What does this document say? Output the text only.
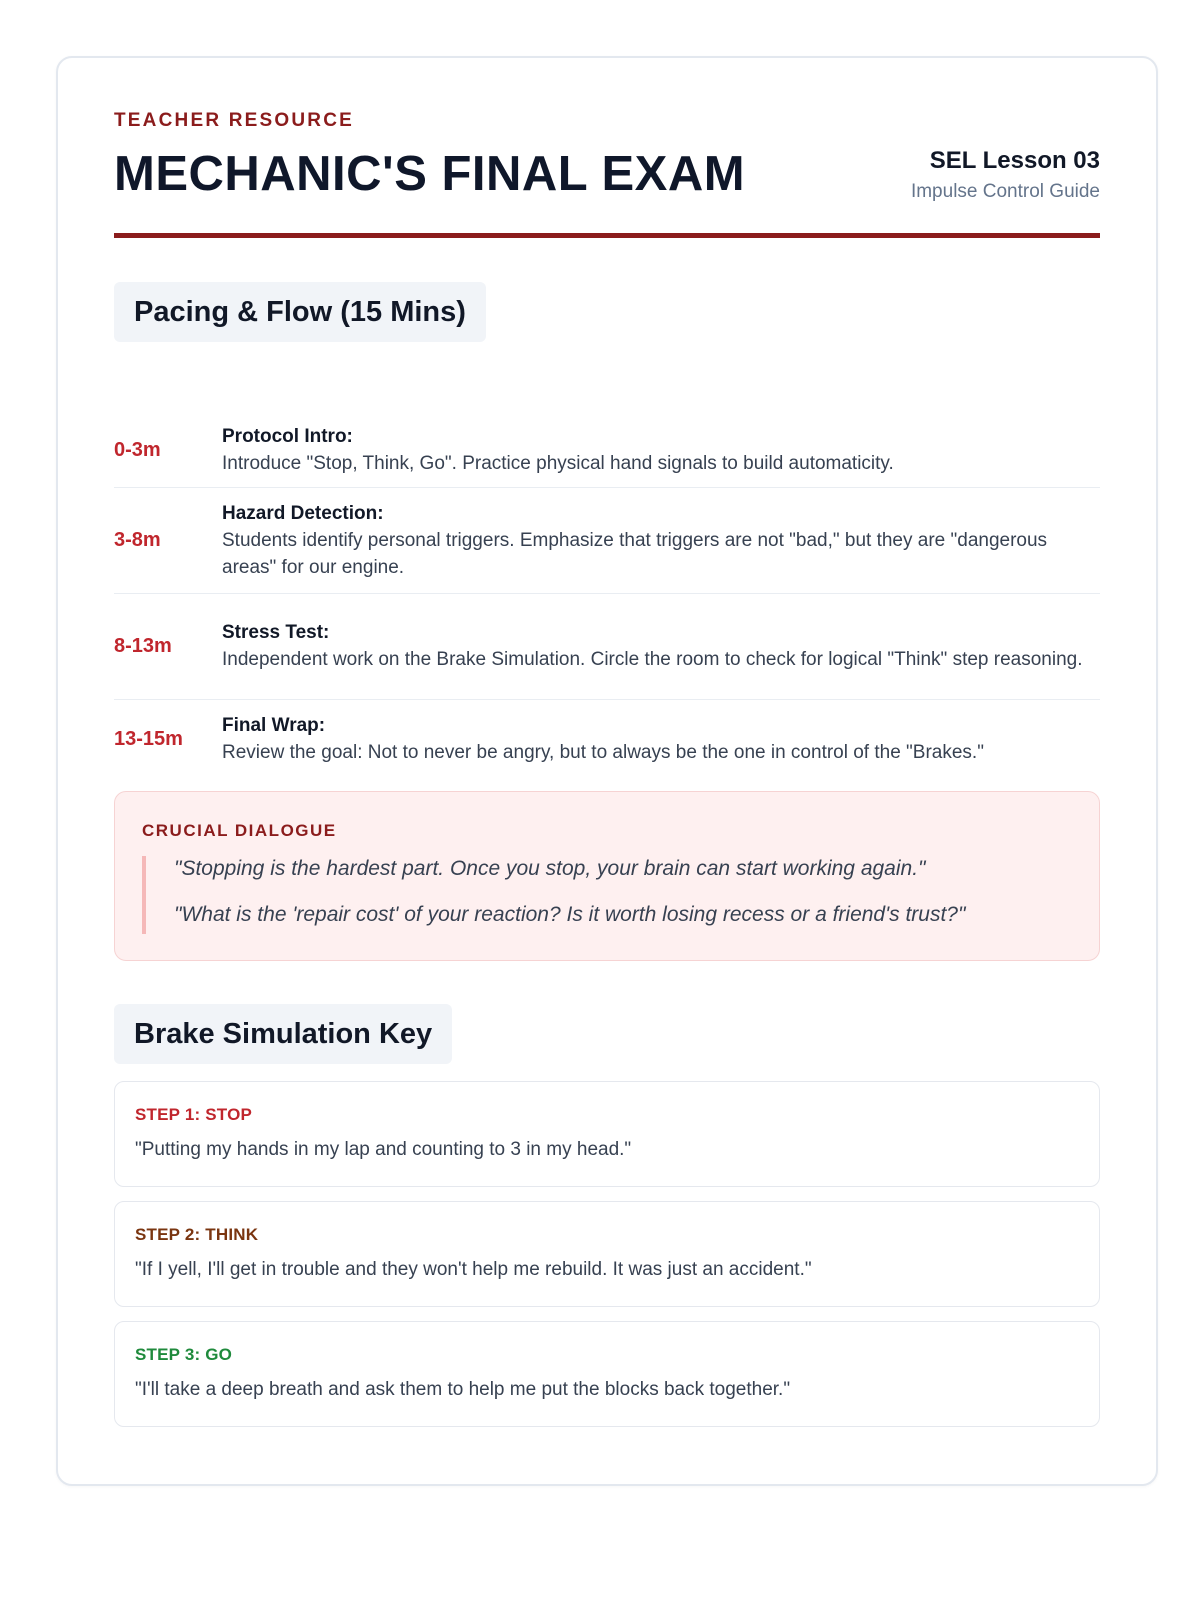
TEACHER RESOURCE
MECHANIC'S FINAL EXAM	SEL Lesson 03
Impulse Control Guide
Pacing & Flow (15 Mins)
0-3m
Protocol Intro:
Introduce "Stop, Think, Go". Practice physical hand signals to build automaticity.
3-8m
Hazard Detection:
Students identify personal triggers. Emphasize that triggers are not "bad," but they are "dangerous areas" for our engine.
8-13m
Stress Test:
Independent work on the Brake Simulation. Circle the room to check for logical "Think" step reasoning.
13-15m
Final Wrap:
Review the goal: Not to never be angry, but to always be the one in control of the "Brakes."
CRUCIAL DIALOGUE
"Stopping is the hardest part. Once you stop, your brain can start working again."
"What is the 'repair cost' of your reaction? Is it worth losing recess or a friend's trust?"
Brake Simulation Key
STEP 1: STOP
"Putting my hands in my lap and counting to 3 in my head."
STEP 2: THINK
"If I yell, I'll get in trouble and they won't help me rebuild. It was just an accident."
STEP 3: GO
"I'll take a deep breath and ask them to help me put the blocks back together."
